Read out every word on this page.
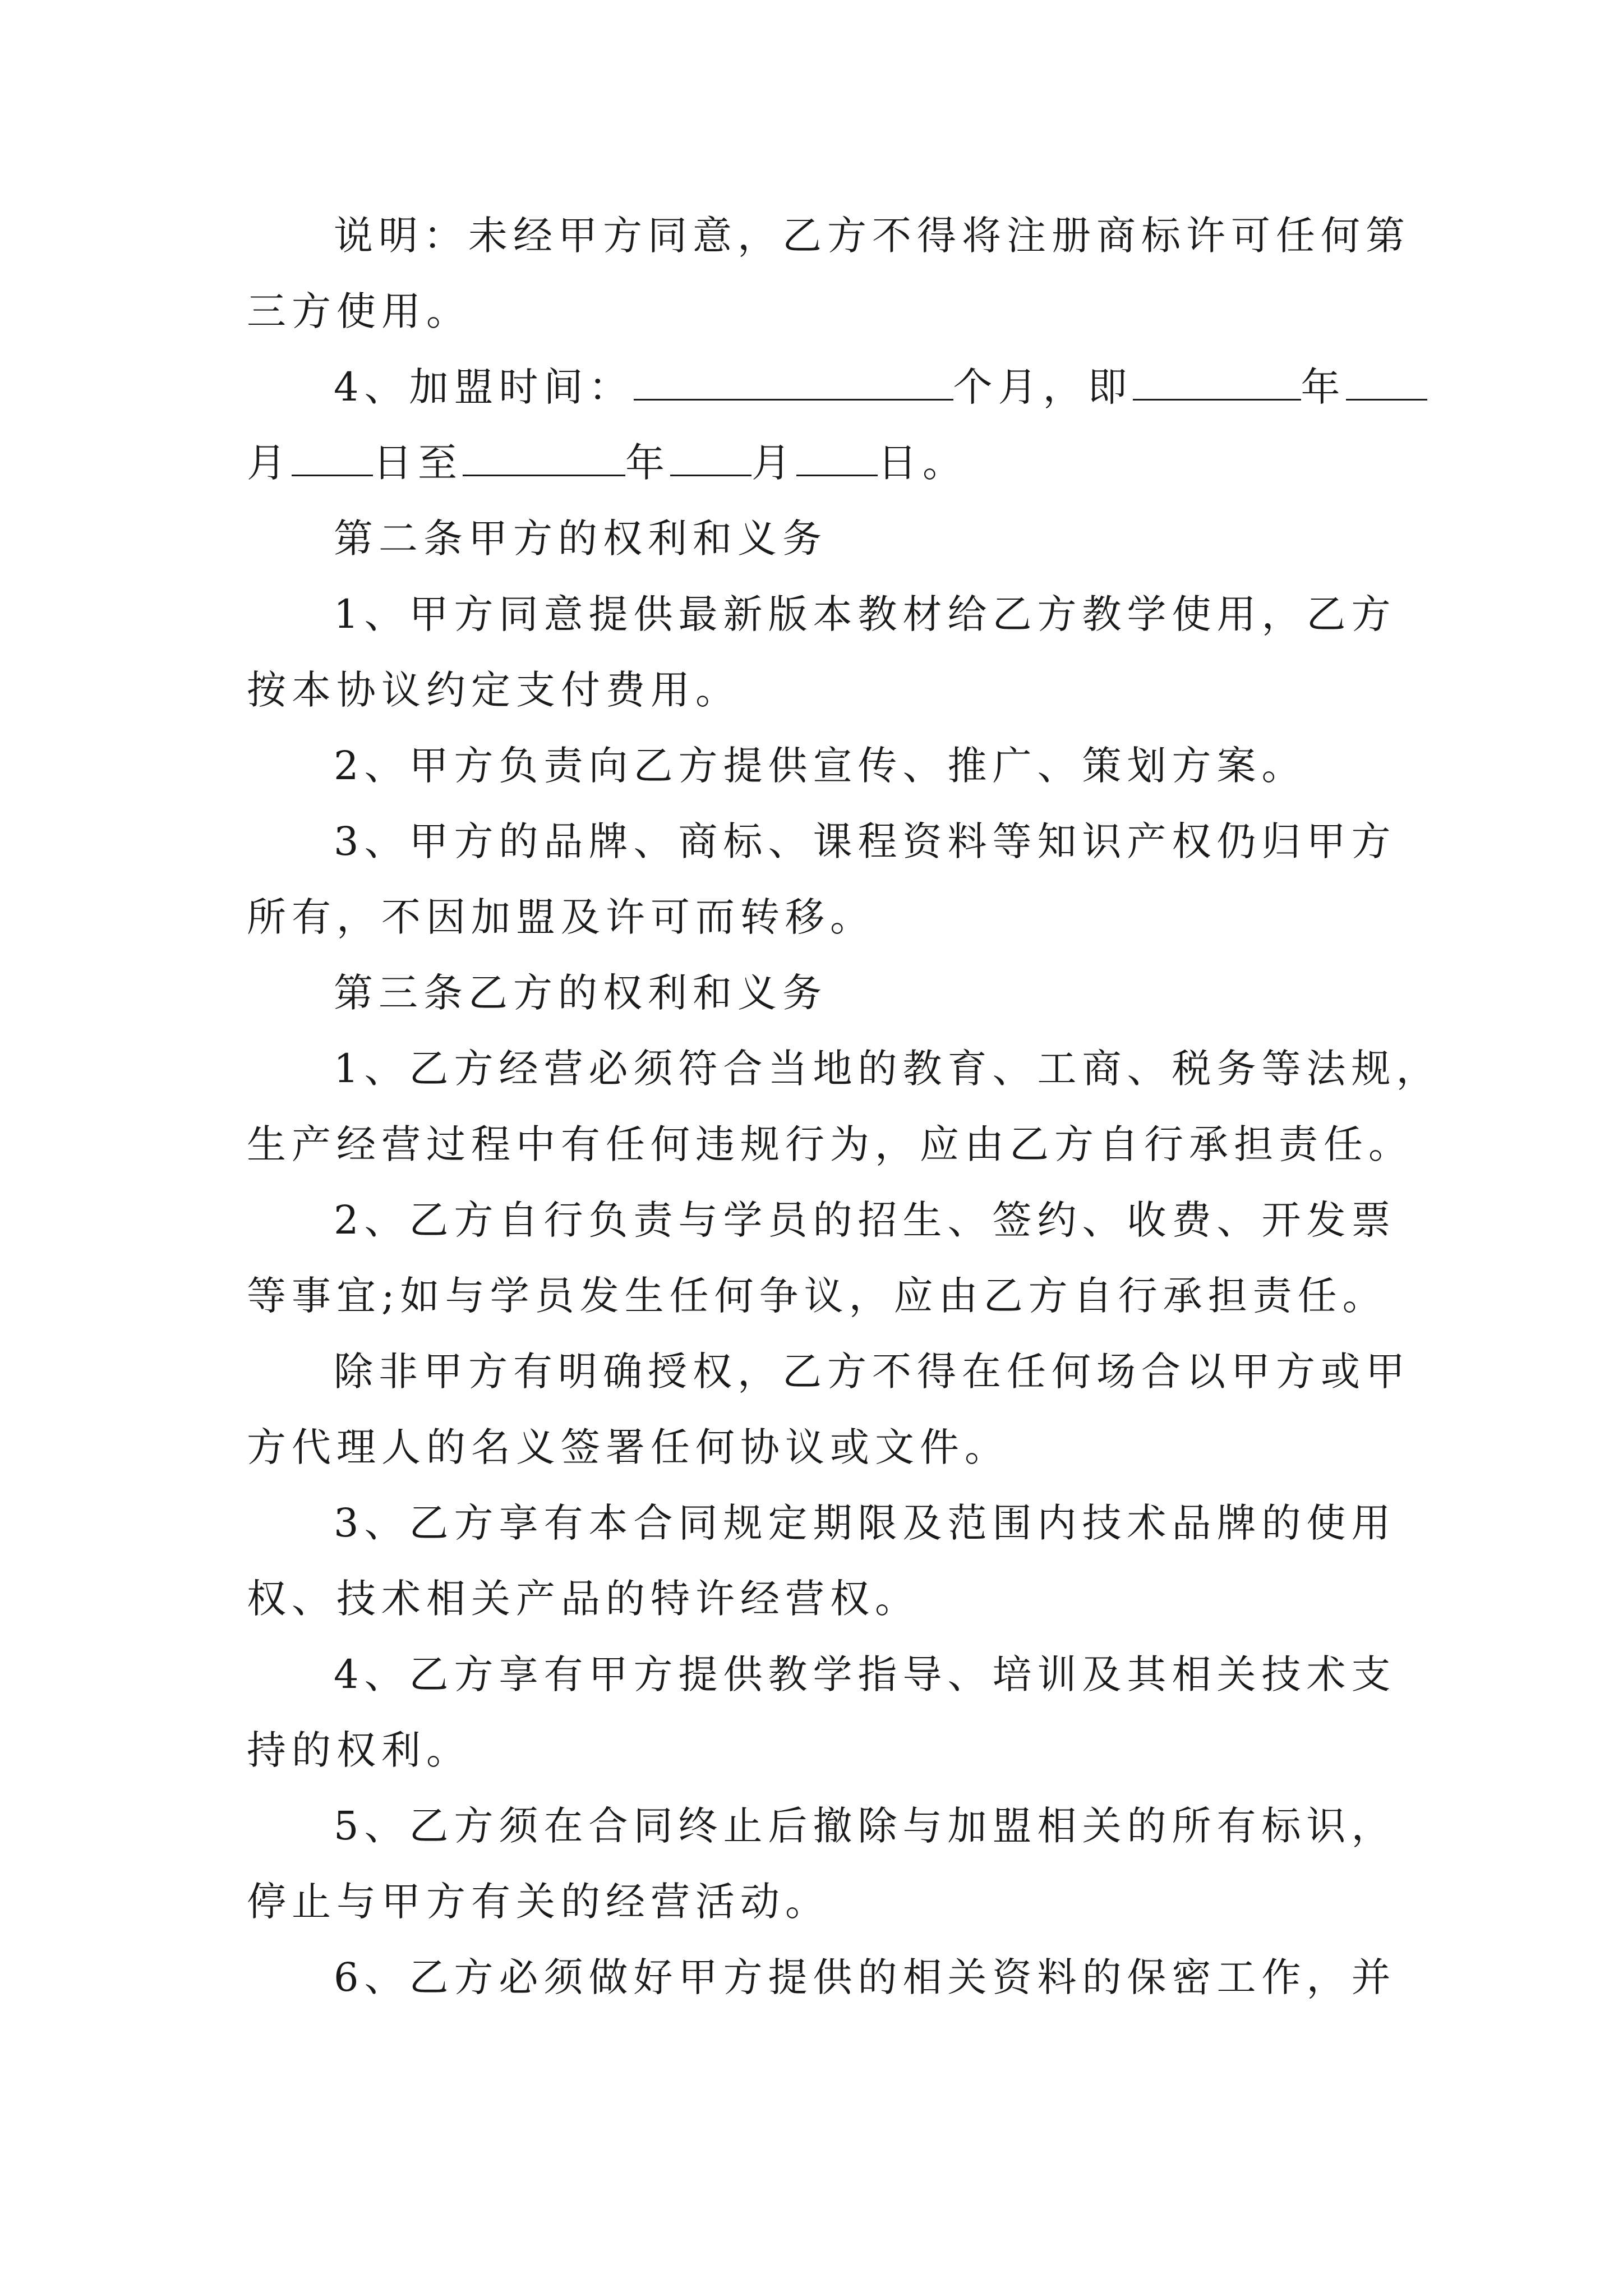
说明：未经甲方同意，乙方不得将注册商标许可任何第
三方使用。
4、加盟时间：	个月，即	年
月 日至	年 月 日。
第二条甲方的权利和义务
1、甲方同意提供最新版本教材给乙方教学使用，乙方
按本协议约定支付费用。
2、甲方负责向乙方提供宣传、推广、策划方案。
3、甲方的品牌、商标、课程资料等知识产权仍归甲方
所有，不因加盟及许可而转移。
第三条乙方的权利和义务
1、乙方经营必须符合当地的教育、工商、税务等法规，
生产经营过程中有任何违规行为，应由乙方自行承担责任。
2、乙方自行负责与学员的招生、签约、收费、开发票
等事宜;如与学员发生任何争议，应由乙方自行承担责任。
除非甲方有明确授权，乙方不得在任何场合以甲方或甲
方代理人的名义签署任何协议或文件。
3、乙方享有本合同规定期限及范围内技术品牌的使用
权、技术相关产品的特许经营权。
4、乙方享有甲方提供教学指导、培训及其相关技术支
持的权利。
5、乙方须在合同终止后撤除与加盟相关的所有标识，
停止与甲方有关的经营活动。
6、乙方必须做好甲方提供的相关资料的保密工作，并
